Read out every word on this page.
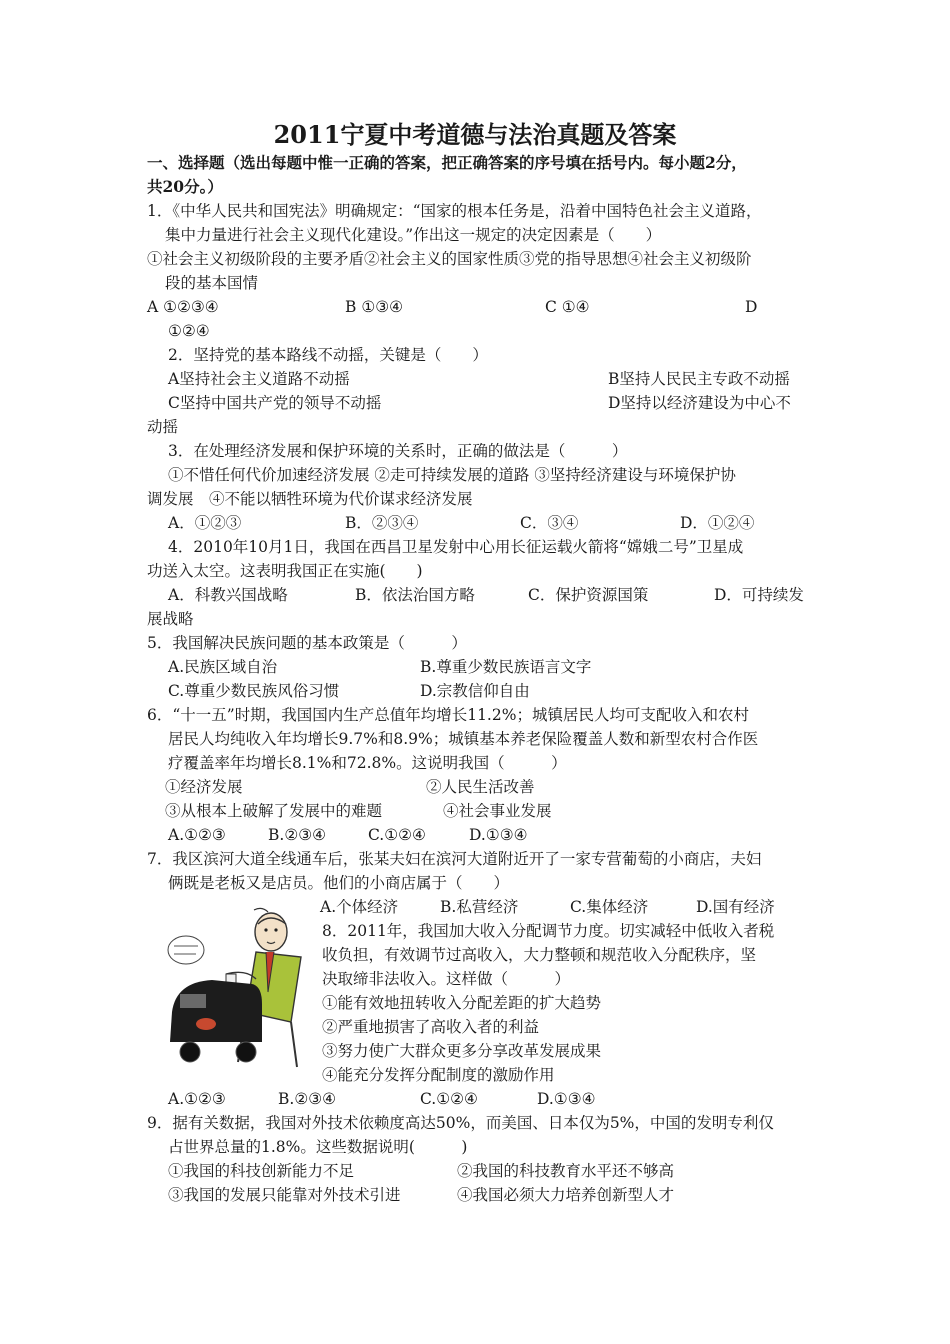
2011宁夏中考道德与法治真题及答案
一、选择题（选出每题中惟一正确的答案，把正确答案的序号填在括号内。每小题2分，
共20分。）
1．《中华人民共和国宪法》明确规定：“国家的根本任务是，沿着中国特色社会主义道路，
集中力量进行社会主义现代化建设。”作出这一规定的决定因素是（　　）
①社会主义初级阶段的主要矛盾②社会主义的国家性质③党的指导思想④社会主义初级阶
段的基本国情
A ①②③④	B ①③④	C ①④	D
①②④
2．坚持党的基本路线不动摇，关键是（　　）
A坚持社会主义道路不动摇	B坚持人民民主专政不动摇
C坚持中国共产党的领导不动摇	D坚持以经济建设为中心不
动摇
3．在处理经济发展和保护环境的关系时，正确的做法是（　　　）
①不惜任何代价加速经济发展 ②走可持续发展的道路 ③坚持经济建设与环境保护协
调发展　④不能以牺牲环境为代价谋求经济发展
A．①②③	B．②③④	C．③④	D．①②④
4．2010年10月1日，我国在西昌卫星发射中心用长征运载火箭将“嫦娥二号”卫星成
功送入太空。这表明我国正在实施(　　)
A．科教兴国战略	B．依法治国方略	C．保护资源国策	D．可持续发
展战略
5．我国解决民族问题的基本政策是（　　　）
A.民族区域自治	B.尊重少数民族语言文字
C.尊重少数民族风俗习惯	D.宗教信仰自由
6．“十一五”时期，我国国内生产总值年均增长11.2%；城镇居民人均可支配收入和农村
居民人均纯收入年均增长9.7%和8.9%；城镇基本养老保险覆盖人数和新型农村合作医
疗覆盖率年均增长8.1%和72.8%。这说明我国（　　　）
①经济发展	②人民生活改善
③从根本上破解了发展中的难题	④社会事业发展
A.①②③	B.②③④	C.①②④	D.①③④
7．我区滨河大道全线通车后，张某夫妇在滨河大道附近开了一家专营葡萄的小商店，夫妇
俩既是老板又是店员。他们的小商店属于（　　）
A.个体经济	B.私营经济	C.集体经济	D.国有经济
8．2011年，我国加大收入分配调节力度。切实减轻中低收入者税
收负担，有效调节过高收入，大力整顿和规范收入分配秩序，坚
决取缔非法收入。这样做（　　　）
①能有效地扭转收入分配差距的扩大趋势
②严重地损害了高收入者的利益
③努力使广大群众更多分享改革发展成果
④能充分发挥分配制度的激励作用
A.①②③	B.②③④	C.①②④	D.①③④
9．据有关数据，我国对外技术依赖度高达50%，而美国、日本仅为5%，中国的发明专利仅
占世界总量的1.8%。这些数据说明(　　　)
①我国的科技创新能力不足	②我国的科技教育水平还不够高
③我国的发展只能靠对外技术引进	④我国必须大力培养创新型人才
